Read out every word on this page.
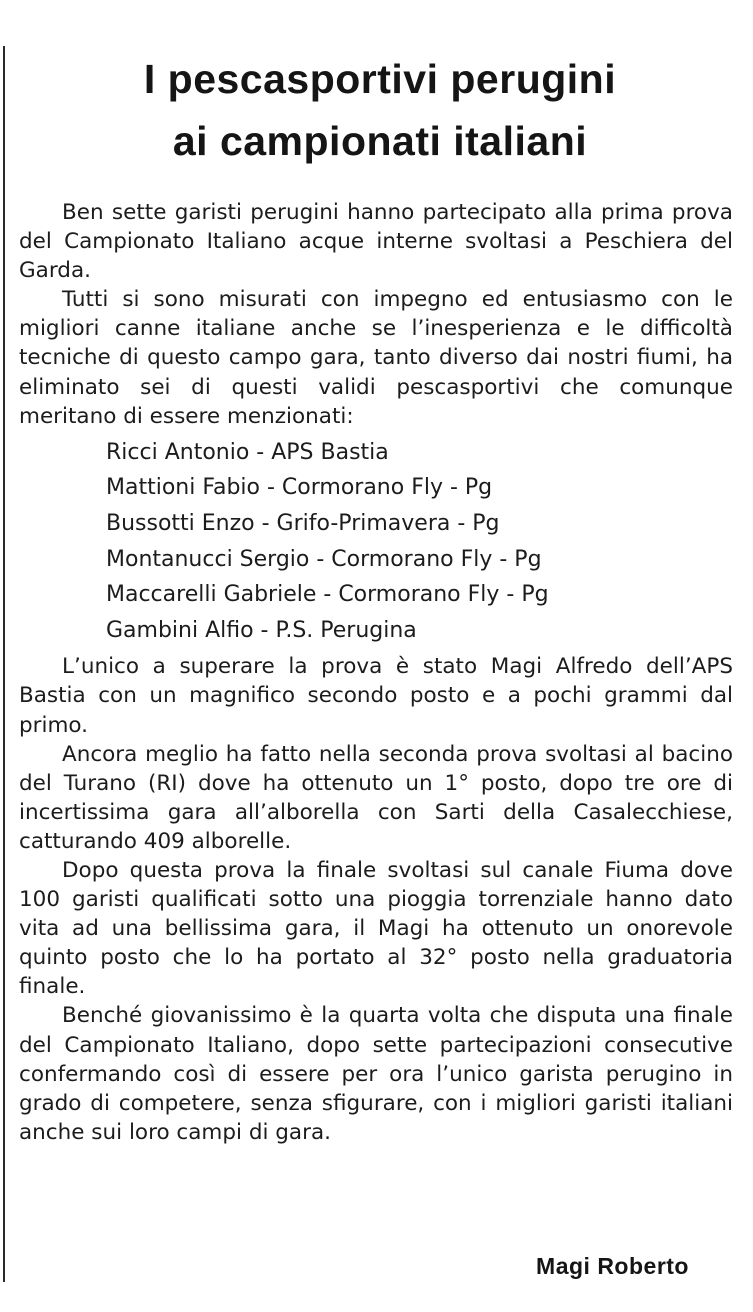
I pescasportivi perugini
ai campionati italiani

Ben sette garisti perugini hanno partecipato alla prima prova del Campionato Italiano acque interne svoltasi a Peschiera del Garda.

Tutti si sono misurati con impegno ed entusiasmo con le migliori canne italiane anche se l’inesperienza e le difficoltà tecniche di questo campo gara, tanto diverso dai nostri fiumi, ha eliminato sei di questi validi pescasportivi che comunque meritano di essere menzionati:

Ricci Antonio - APS Bastia
Mattioni Fabio - Cormorano Fly - Pg
Bussotti Enzo - Grifo-Primavera - Pg
Montanucci Sergio - Cormorano Fly - Pg
Maccarelli Gabriele - Cormorano Fly - Pg
Gambini Alfio - P.S. Perugina

L’unico a superare la prova è stato Magi Alfredo dell’APS Bastia con un magnifico secondo posto e a pochi grammi dal primo.

Ancora meglio ha fatto nella seconda prova svoltasi al bacino del Turano (RI) dove ha ottenuto un 1° posto, dopo tre ore di incertissima gara all’alborella con Sarti della Casalecchiese, catturando 409 alborelle.

Dopo questa prova la finale svoltasi sul canale Fiuma dove 100 garisti qualificati sotto una pioggia torrenziale hanno dato vita ad una bellissima gara, il Magi ha ottenuto un onorevole quinto posto che lo ha portato al 32° posto nella graduatoria finale.

Benché giovanissimo è la quarta volta che disputa una finale del Campionato Italiano, dopo sette partecipazioni consecutive confermando così di essere per ora l’unico garista perugino in grado di competere, senza sfigurare, con i migliori garisti italiani anche sui loro campi di gara.

Magi Roberto
